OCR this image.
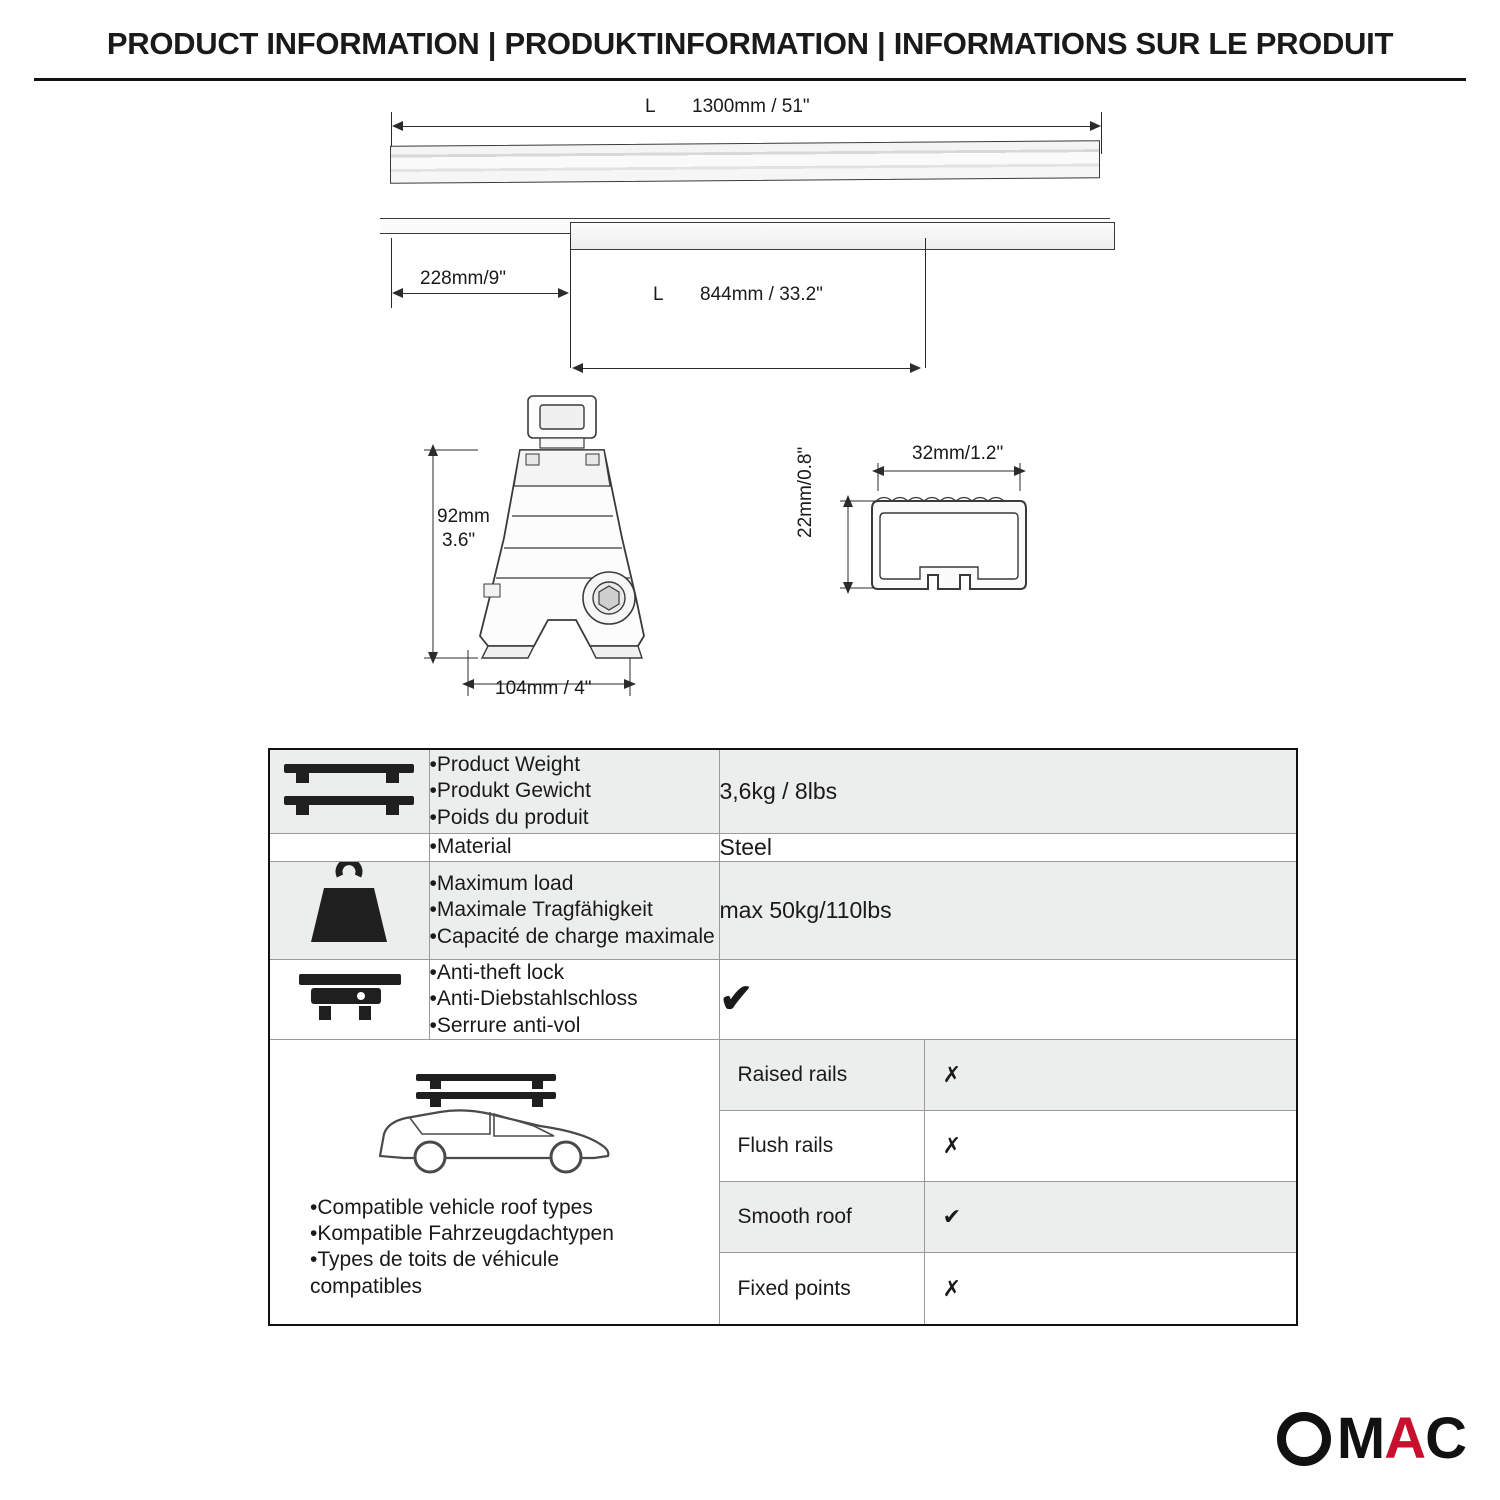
PRODUCT INFORMATION | PRODUKTINFORMATION | INFORMATIONS SUR LE PRODUIT
L 1300mm / 51"
228mm/9"
L 844mm / 33.2"
92mm
3.6"
104mm / 4"
32mm/1.2"
22mm/0.8"

•Product Weight
•Produkt Gewicht
•Poids du produit
	3,6kg / 8lbs

•Material	Steel

•Maximum load
•Maximale Tragfähigkeit
•Capacité de charge maximale
	max 50kg/110lbs

•Anti-theft lock
•Anti-Diebstahlschloss
•Serrure anti-vol
	✔

•Compatible vehicle roof types
•Kompatible Fahrzeugdachtypen
•Types de toits de véhicule
compatibles

Raised rails	✗
Flush rails	✗
Smooth roof	✔
Fixed points	✗
M A C
